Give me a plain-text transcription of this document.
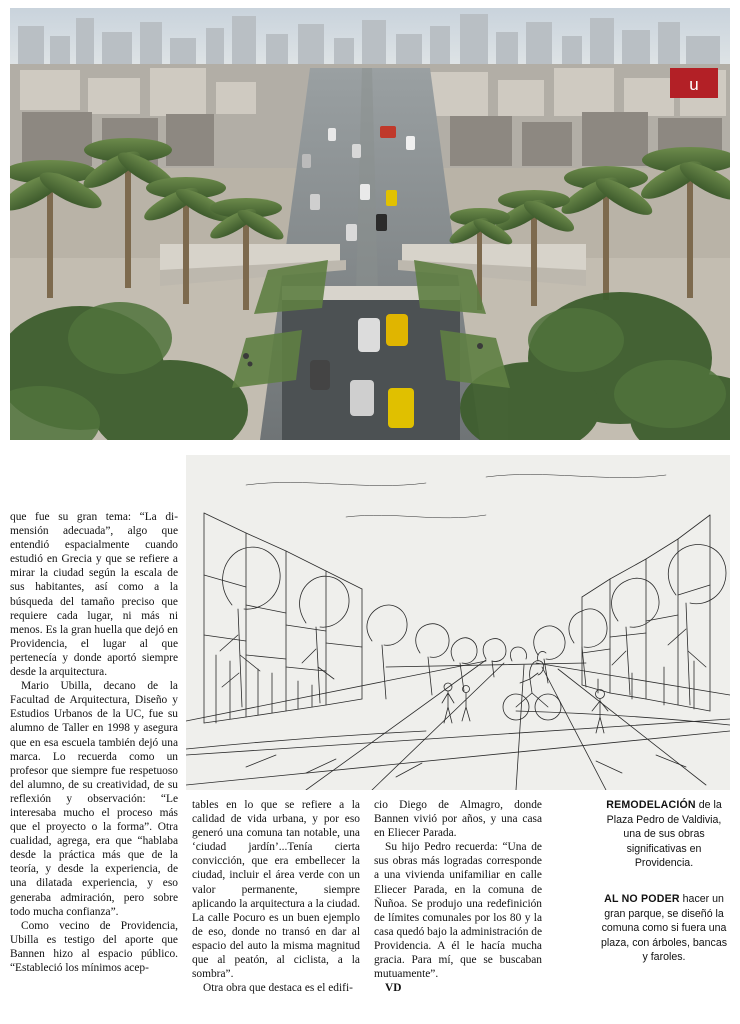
u

que fue su gran tema: “La di-mensión adecuada”, algo que entendió espacialmente cuando estudió en Grecia y que se refiere a mirar la ciudad según la escala de sus habitantes, así como a la búsqueda del tamaño preciso que requiere cada lugar, ni más ni menos. Es la gran huella que dejó en Providencia, el lugar al que pertenecía y donde aportó siempre desde la arquitectura.

Mario Ubilla, decano de la Facultad de Arquitectura, Diseño y Estudios Urbanos de la UC, fue su alumno de Taller en 1998 y asegura que en esa escuela también dejó una marca. Lo recuerda como un profesor que siempre fue respetuoso del alumno, de su creatividad, de su reflexión y observación: “Le interesaba mucho el proceso más que el proyecto o la forma”. Otra cualidad, agrega, era que “hablaba desde la práctica más que de la teoría, y desde la experiencia, de una dilatada experiencia, y eso generaba admiración, pero sobre todo mucha confianza”.

Como vecino de Providencia, Ubilla es testigo del aporte que Bannen hizo al espacio público. “Estableció los mínimos acep-

tables en lo que se refiere a la calidad de vida urbana, y por eso generó una comuna tan notable, una ‘ciudad jardín’...Tenía cierta convicción, que era embellecer la ciudad, incluir el área verde con un valor permanente, siempre aplicando la arquitectura a la ciudad. La calle Pocuro es un buen ejemplo de eso, donde no transó en dar al espacio del auto la misma magnitud que al peatón, al ciclista, a la sombra”.

Otra obra que destaca es el edifi-

cio Diego de Almagro, donde Bannen vivió por años, y una casa en Eliecer Parada.

Su hijo Pedro recuerda: “Una de sus obras más logradas corresponde a una vivienda unifamiliar en calle Eliecer Parada, en la comuna de Ñuñoa. Se produjo una redefinición de límites comunales por los 80 y la casa quedó bajo la administración de Providencia. A él le hacía mucha gracia. Para mí, que se buscaban mutuamente”.

VD

REMODELACIÓN de la Plaza Pedro de Valdivia, una de sus obras significativas en Providencia.

AL NO PODER hacer un gran parque, se diseñó la comuna como si fuera una plaza, con árboles, bancas y faroles.
